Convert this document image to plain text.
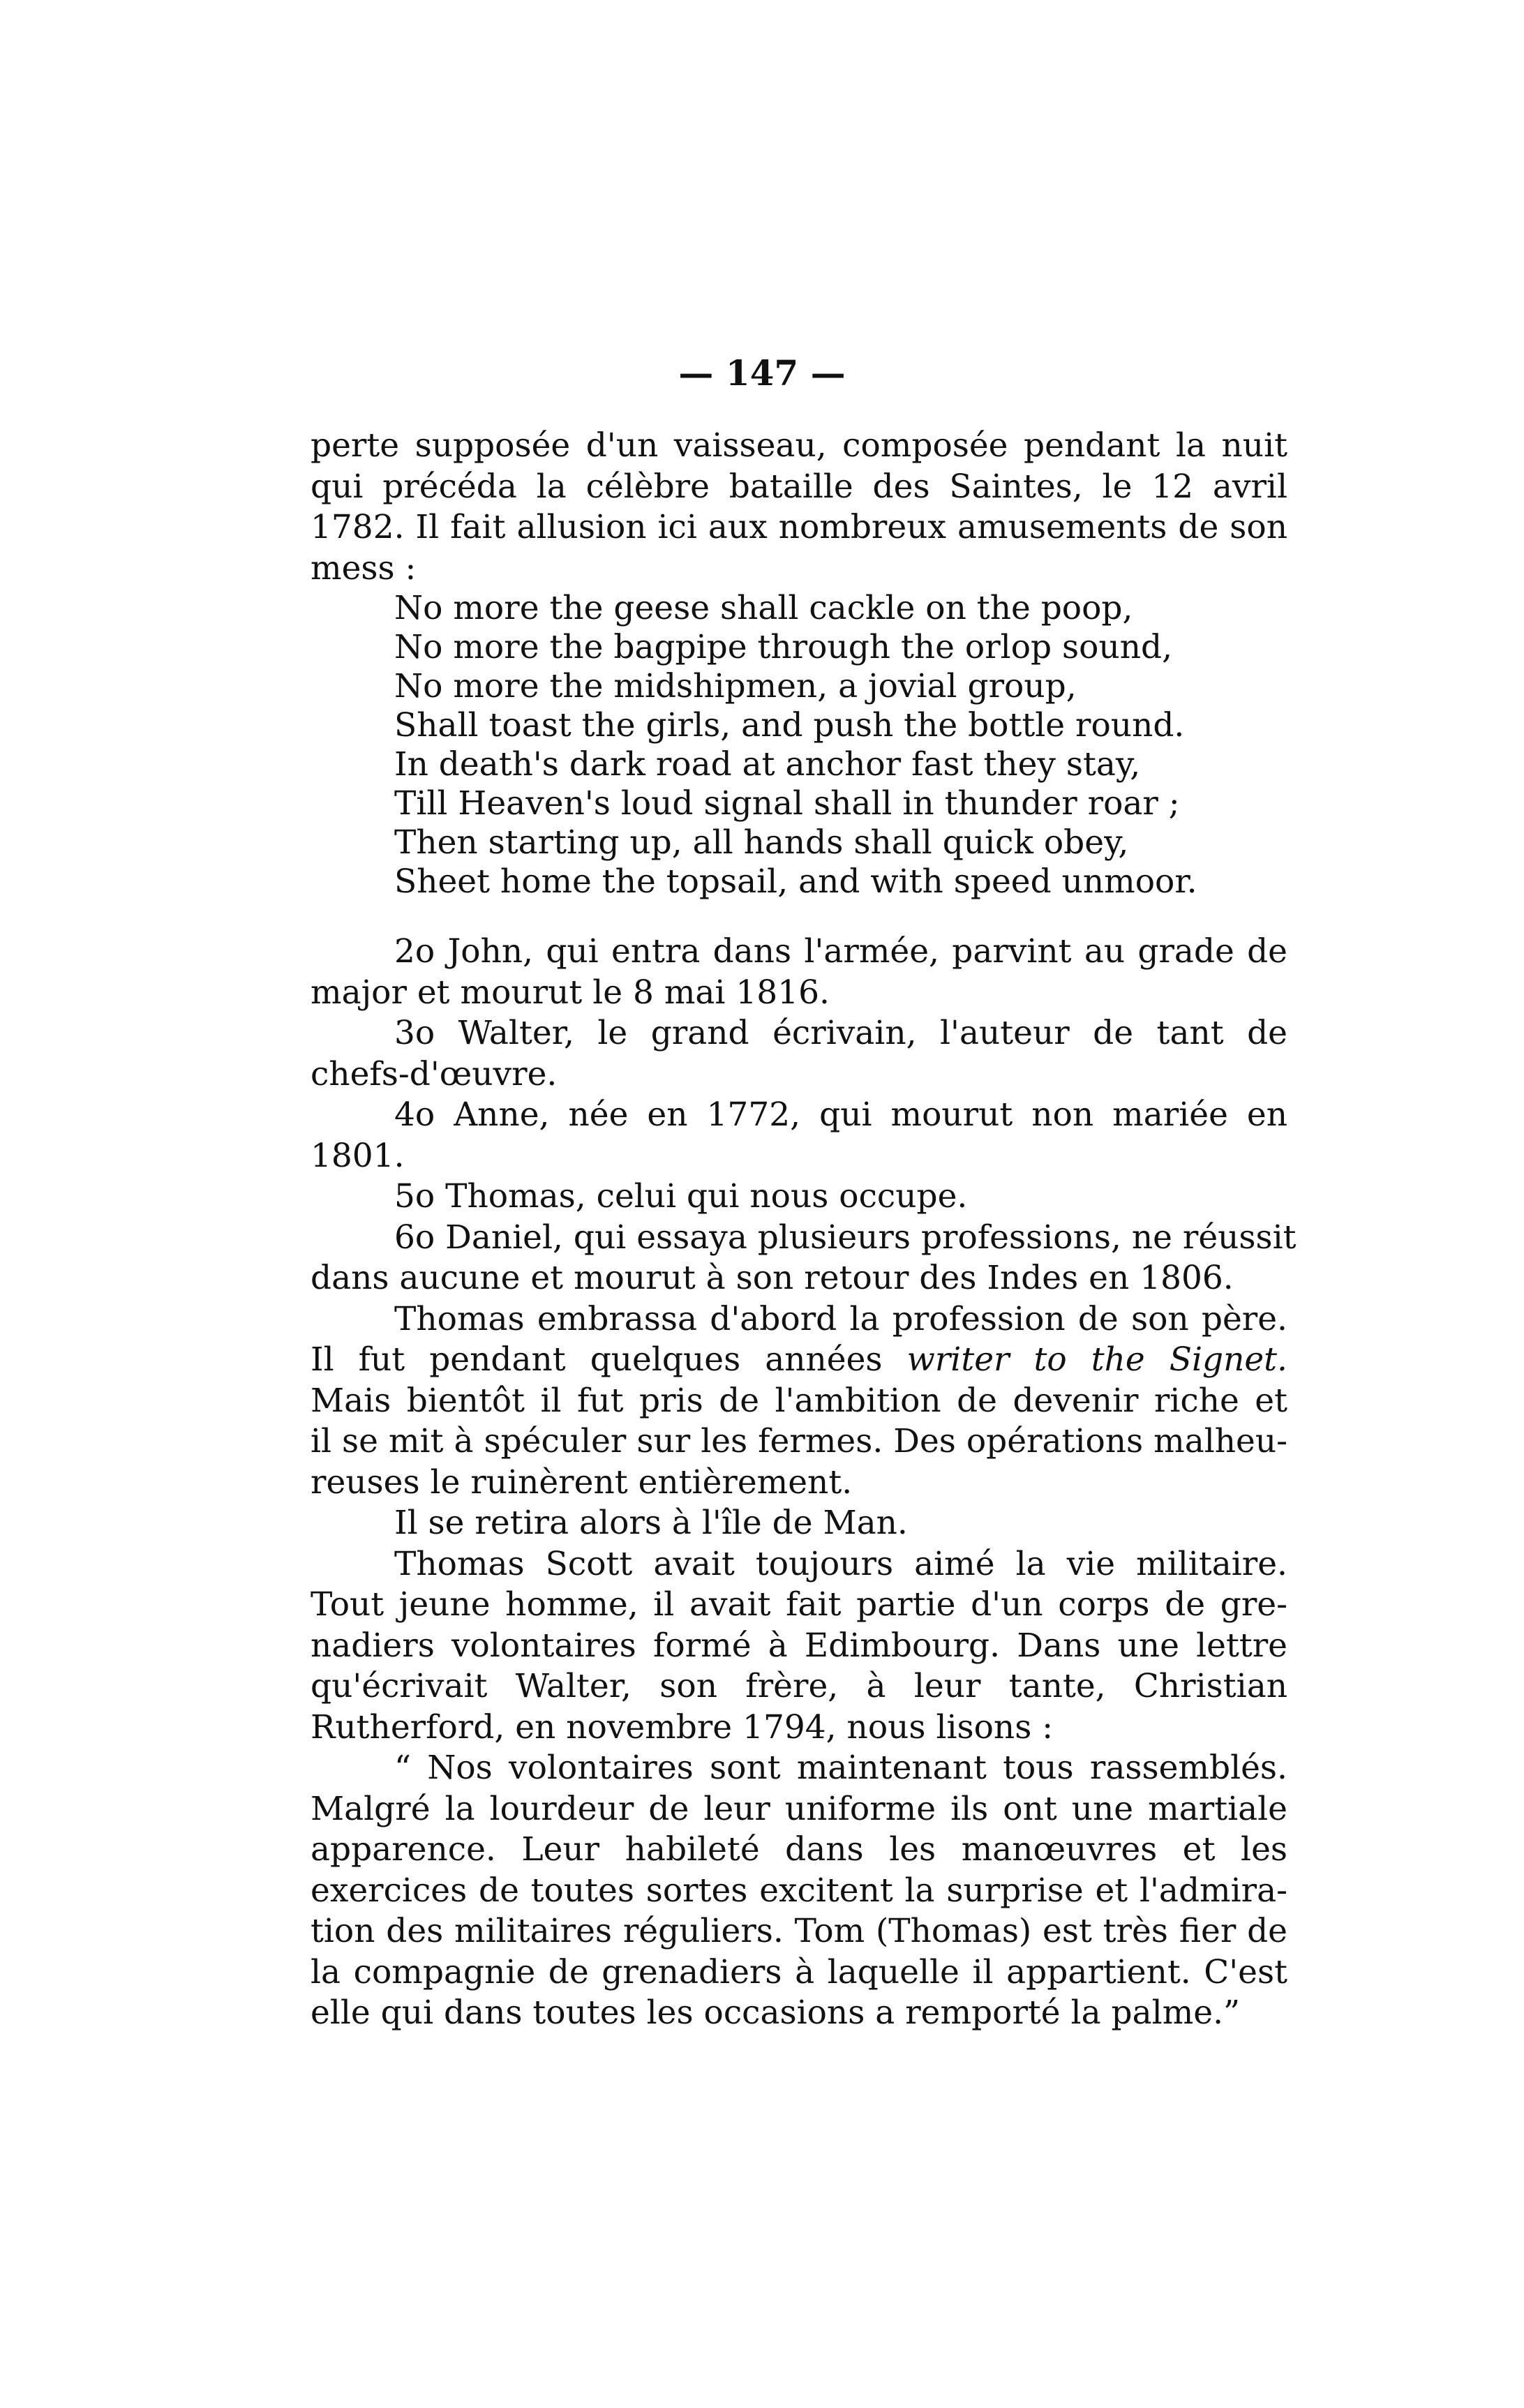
— 147 —
perte supposée d'un vaisseau, composée pendant la nuit
qui précéda la célèbre bataille des Saintes, le 12 avril
1782. Il fait allusion ici aux nombreux amusements de son
mess :
No more the geese shall cackle on the poop,
No more the bagpipe through the orlop sound,
No more the midshipmen, a jovial group,
Shall toast the girls, and push the bottle round.
In death's dark road at anchor fast they stay,
Till Heaven's loud signal shall in thunder roar ;
Then starting up, all hands shall quick obey,
Sheet home the topsail, and with speed unmoor.
2o John, qui entra dans l'armée, parvint au grade de
major et mourut le 8 mai 1816.
3o Walter, le grand écrivain, l'auteur de tant de
chefs-d'œuvre.
4o Anne, née en 1772, qui mourut non mariée en
1801.
5o Thomas, celui qui nous occupe.
6o Daniel, qui essaya plusieurs professions, ne réussit
dans aucune et mourut à son retour des Indes en 1806.
Thomas embrassa d'abord la profession de son père.
Il fut pendant quelques années writer to the Signet.
Mais bientôt il fut pris de l'ambition de devenir riche et
il se mit à spéculer sur les fermes. Des opérations malheu-
reuses le ruinèrent entièrement.
Il se retira alors à l'île de Man.
Thomas Scott avait toujours aimé la vie militaire.
Tout jeune homme, il avait fait partie d'un corps de gre-
nadiers volontaires formé à Edimbourg. Dans une lettre
qu'écrivait Walter, son frère, à leur tante, Christian
Rutherford, en novembre 1794, nous lisons :
“ Nos volontaires sont maintenant tous rassemblés.
Malgré la lourdeur de leur uniforme ils ont une martiale
apparence. Leur habileté dans les manœuvres et les
exercices de toutes sortes excitent la surprise et l'admira-
tion des militaires réguliers. Tom (Thomas) est très fier de
la compagnie de grenadiers à laquelle il appartient. C'est
elle qui dans toutes les occasions a remporté la palme.”
